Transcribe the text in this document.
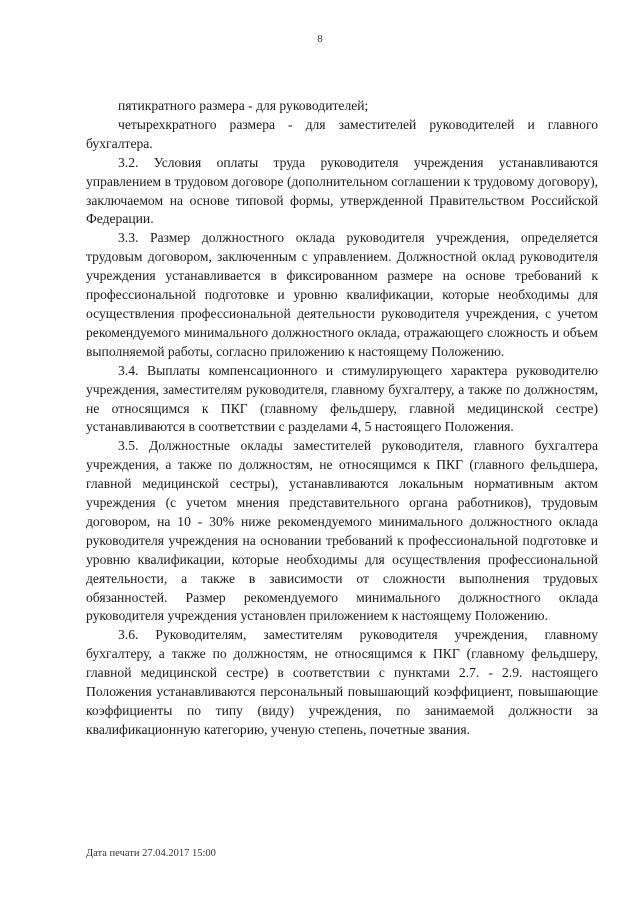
8

пятикратного размера - для руководителей;

четырехкратного размера - для заместителей руководителей и главного бухгалтера.

3.2. Условия оплаты труда руководителя учреждения устанавливаются управлением в трудовом договоре (дополнительном соглашении к трудовому договору), заключаемом на основе типовой формы, утвержденной Правительством Российской Федерации.

3.3. Размер должностного оклада руководителя учреждения, определяется трудовым договором, заключенным с управлением. Должностной оклад руководителя учреждения устанавливается в фиксированном размере на основе требований к профессиональной подготовке и уровню квалификации, которые необходимы для осуществления профессиональной деятельности руководителя учреждения, с учетом рекомендуемого минимального должностного оклада, отражающего сложность и объем выполняемой работы, согласно приложению к настоящему Положению.

3.4. Выплаты компенсационного и стимулирующего характера руководителю учреждения, заместителям руководителя, главному бухгалтеру, а также по должностям, не относящимся к ПКГ (главному фельдшеру, главной медицинской сестре) устанавливаются в соответствии с разделами 4, 5 настоящего Положения.

3.5. Должностные оклады заместителей руководителя, главного бухгалтера учреждения, а также по должностям, не относящимся к ПКГ (главного фельдшера, главной медицинской сестры), устанавливаются локальным нормативным актом учреждения (с учетом мнения представительного органа работников), трудовым договором, на 10 - 30% ниже рекомендуемого минимального должностного оклада руководителя учреждения на основании требований к профессиональной подготовке и уровню квалификации, которые необходимы для осуществления профессиональной деятельности, а также в зависимости от сложности выполнения трудовых обязанностей. Размер рекомендуемого минимального должностного оклада руководителя учреждения установлен приложением к настоящему Положению.

3.6. Руководителям, заместителям руководителя учреждения, главному бухгалтеру, а также по должностям, не относящимся к ПКГ (главному фельдшеру, главной медицинской сестре) в соответствии с пунктами 2.7. - 2.9. настоящего Положения устанавливаются персональный повышающий коэффициент, повышающие коэффициенты по типу (виду) учреждения, по занимаемой должности за квалификационную категорию, ученую степень, почетные звания.

Дата печати 27.04.2017 15:00
